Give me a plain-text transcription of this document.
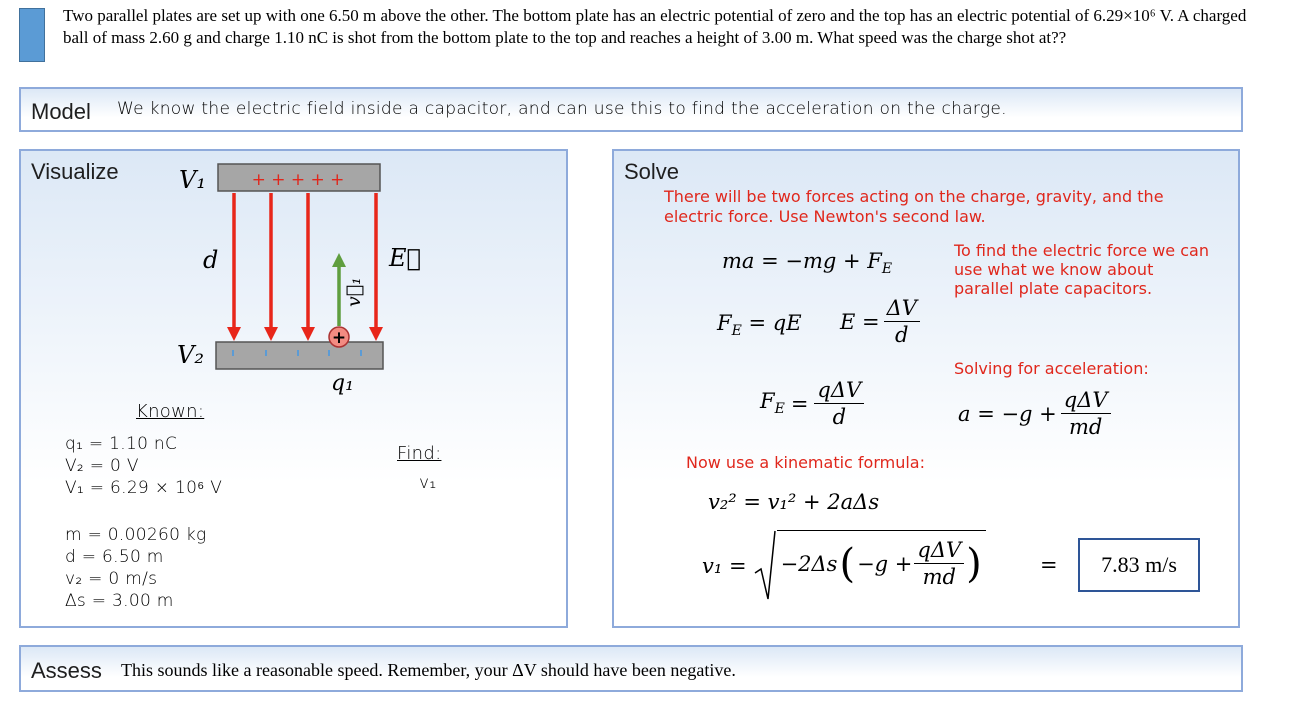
Two parallel plates are set up with one 6.50 m above the other. The bottom plate has an electric potential of zero and the top has an electric potential of 6.29×10⁶ V. A charged ball of mass 2.60 g and charge 1.10 nC is shot from the bottom plate to the top and reaches a height of 3.00 m. What speed was the charge shot at??
Model We know the electric field inside a capacitor, and can use this to find the acceleration on the charge.
Visualize
+
+ + + + +
V₁
d
V₂
E⃗
v⃗₁
q₁
Known:
q₁ = 1.10 nC
V₂ = 0 V
V₁ = 6.29 × 10⁶ V
m = 0.00260 kg
d = 6.50 m
v₂ = 0 m/s
Δs = 3.00 m
Find:
v₁
Solve
There will be two forces acting on the charge, gravity, and the electric force. Use Newton's second law.
ma = $-mg + F_E$
$F_E$ = qE $E = \frac{\Delta V}{d}$
To find the electric force we can use what we know about parallel plate capacitors.
$F_E = \frac{\text{qΔV}}{d}$
Solving for acceleration:
$a = -g + \frac{\text{qΔV}}{md}$
Now use a kinematic formula:
v₂² = v₁² + 2aΔs
v₁ = −2Δs ( $-g + \frac{\text{qΔV}}{md}$ )	=	7.83 m/s
Assess This sounds like a reasonable speed. Remember, your ΔV should have been negative.
